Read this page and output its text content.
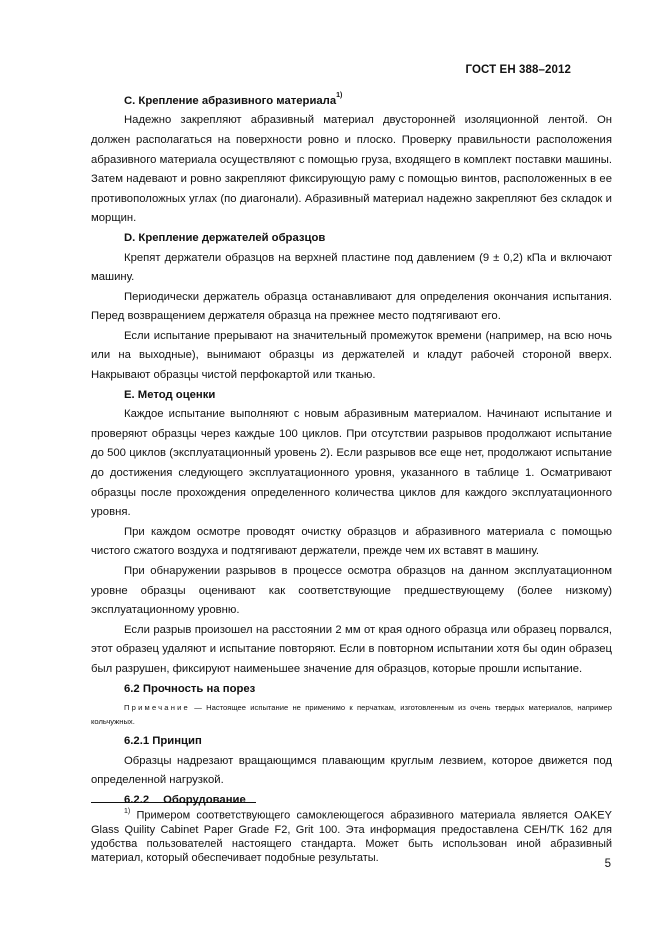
ГОСТ ЕН 388–2012
С. Крепление абразивного материала$^{1)}$

Надежно закрепляют абразивный материал двусторонней изоляционной лентой. Он должен располагаться на поверхности ровно и плоско. Проверку правильности расположения абразивного материала осуществляют с помощью груза, входящего в комплект поставки машины. Затем надевают и ровно закрепляют фиксирующую раму с помощью винтов, расположенных в ее противоположных углах (по диагонали). Абразивный материал надежно закрепляют без складок и морщин.

D. Крепление держателей образцов

Крепят держатели образцов на верхней пластине под давлением (9 ± 0,2) кПа и включают машину.

Периодически держатель образца останавливают для определения окончания испытания. Перед возвращением держателя образца на прежнее место подтягивают его.

Если испытание прерывают на значительный промежуток времени (например, на всю ночь или на выходные), вынимают образцы из держателей и кладут рабочей стороной вверх. Накрывают образцы чистой перфокартой или тканью.

Е. Метод оценки

Каждое испытание выполняют с новым абразивным материалом. Начинают испытание и проверяют образцы через каждые 100 циклов. При отсутствии разрывов продолжают испытание до 500 циклов (эксплуатационный уровень 2). Если разрывов все еще нет, продолжают испытание до достижения следующего эксплуатационного уровня, указанного в таблице 1. Осматривают образцы после прохождения определенного количества циклов для каждого эксплуатационного уровня.

При каждом осмотре проводят очистку образцов и абразивного материала с помощью чистого сжатого воздуха и подтягивают держатели, прежде чем их вставят в машину.

При обнаружении разрывов в процессе осмотра образцов на данном эксплуатационном уровне образцы оценивают как соответствующие предшествующему (более низкому) эксплуатационному уровню.

Если разрыв произошел на расстоянии 2 мм от края одного образца или образец порвался, этот образец удаляют и испытание повторяют. Если в повторном испытании хотя бы один образец был разрушен, фиксируют наименьшее значение для образцов, которые прошли испытание.

6.2 Прочность на порез

Примечание — Настоящее испытание не применимо к перчаткам, изготовленным из очень твердых материалов, например кольчужных.

6.2.1 Принцип

Образцы надрезают вращающимся плавающим круглым лезвием, которое движется под определенной нагрузкой.

6.2.2 Оборудование
$^{1)}$ Примером соответствующего самоклеющегося абразивного материала является OAKEY Glass Quility Cabinet Paper Grade F2, Grit 100. Эта информация предоставлена CEH/TK 162 для удобства пользователей настоящего стандарта. Может быть использован иной абразивный материал, который обеспечивает подобные результаты.	5
